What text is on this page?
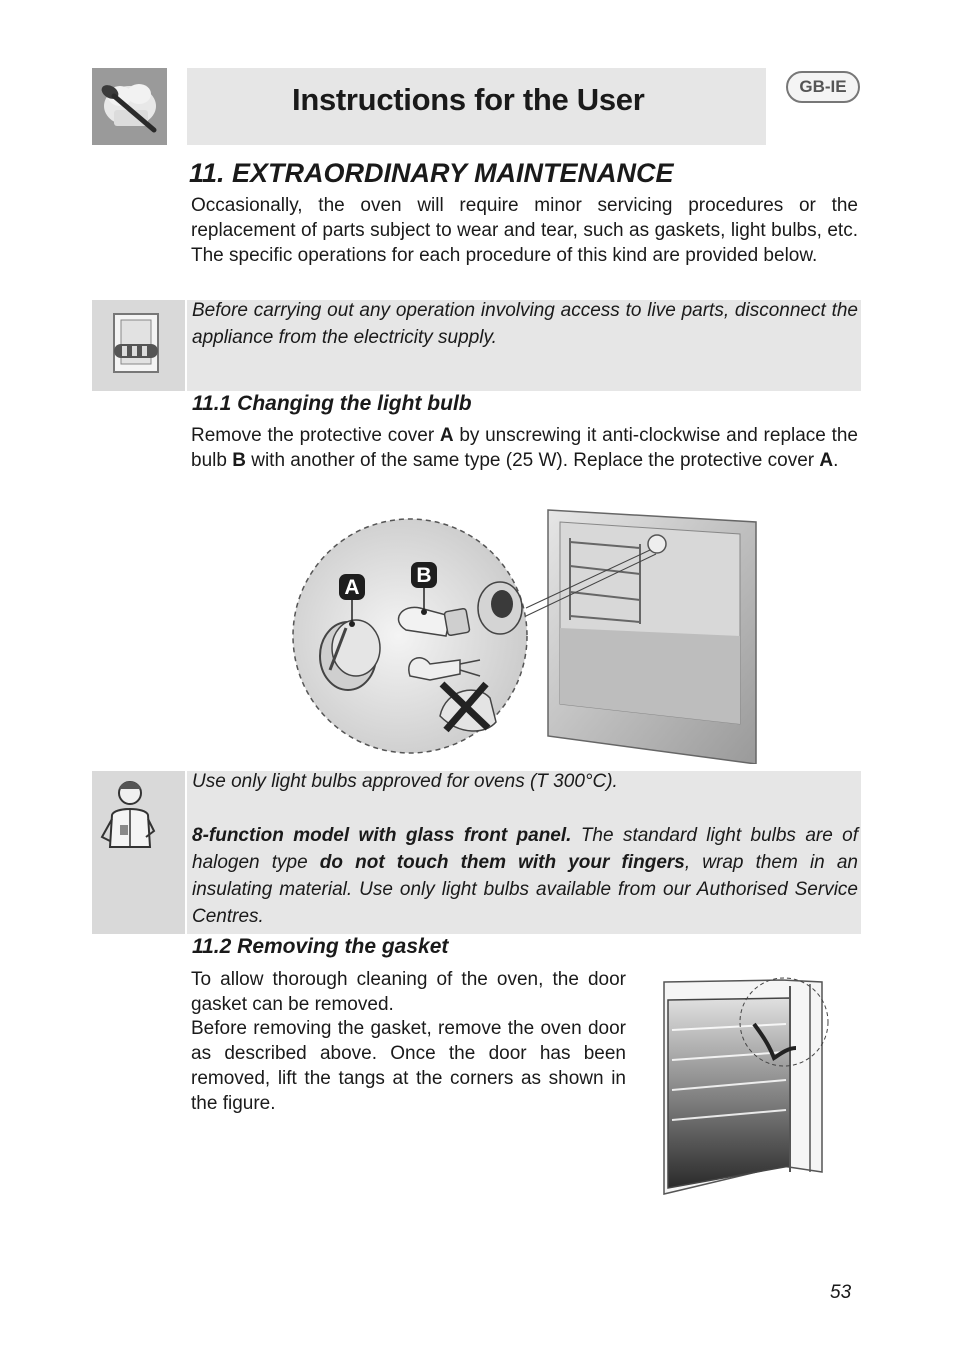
Instructions for the User	GB-IE
11. EXTRAORDINARY MAINTENANCE
Occasionally, the oven will require minor servicing procedures or the replacement of parts subject to wear and tear, such as gaskets, light bulbs, etc. The specific operations for each procedure of this kind are provided below.
Before carrying out any operation involving access to live parts, disconnect the appliance from the electricity supply.
11.1 Changing the light bulb
Remove the protective cover A by unscrewing it anti-clockwise and replace the bulb B with another of the same type (25 W). Replace the protective cover A.
A
B
Use only light bulbs approved for ovens (T 300°C).
8-function model with glass front panel. The standard light bulbs are of halogen type do not touch them with your fingers, wrap them in an insulating material. Use only light bulbs available from our Authorised Service Centres.
11.2 Removing the gasket
To allow thorough cleaning of the oven, the door gasket can be removed.
Before removing the gasket, remove the oven door as described above. Once the door has been removed, lift the tangs at the corners as shown in the figure.
53
